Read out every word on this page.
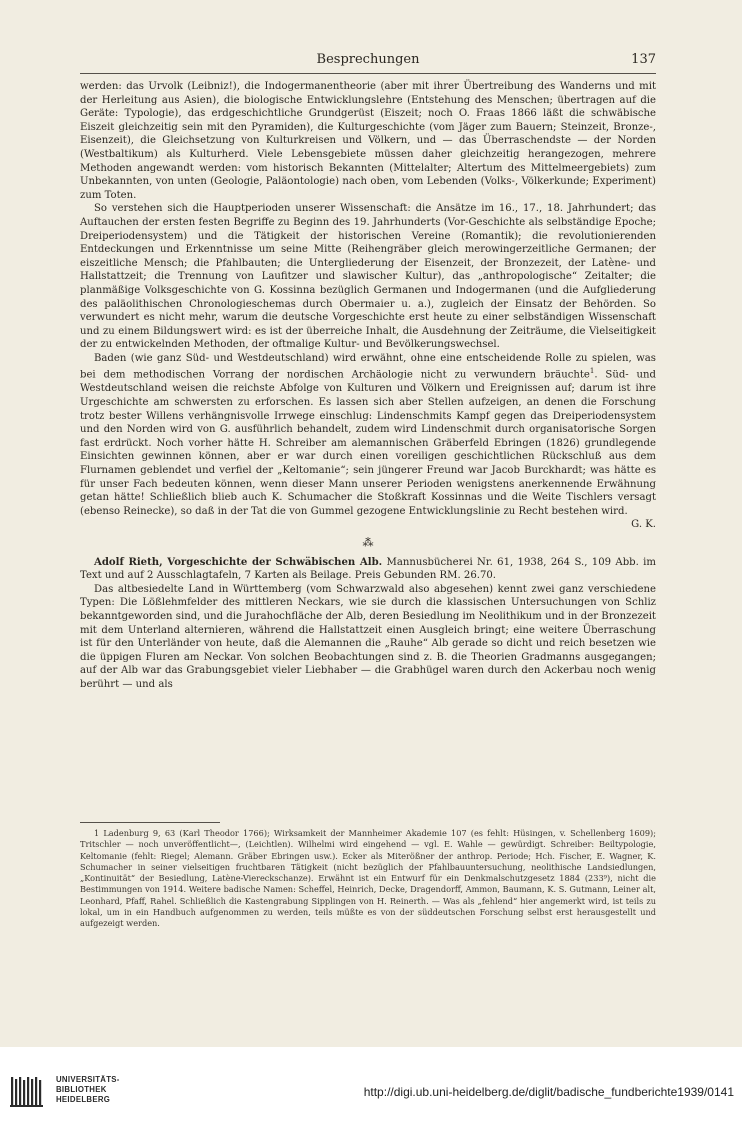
Besprechungen	137

werden: das Urvolk (Leibniz!), die Indogermanentheorie (aber mit ihrer Übertreibung des Wanderns und mit der Herleitung aus Asien), die biologische Entwicklungslehre (Entstehung des Menschen; übertragen auf die Geräte: Typologie), das erdgeschichtliche Grundgerüst (Eiszeit; noch O. Fraas 1866 läßt die schwäbische Eiszeit gleichzeitig sein mit den Pyramiden), die Kulturgeschichte (vom Jäger zum Bauern; Steinzeit, Bronze-, Eisenzeit), die Gleichsetzung von Kulturkreisen und Völkern, und — das Überraschendste — der Norden (Westbaltikum) als Kulturherd. Viele Lebensgebiete müssen daher gleichzeitig herangezogen, mehrere Methoden angewandt werden: vom historisch Bekannten (Mittelalter; Altertum des Mittelmeergebiets) zum Unbekannten, von unten (Geologie, Paläontologie) nach oben, vom Lebenden (Volks-, Völkerkunde; Experiment) zum Toten.

So verstehen sich die Hauptperioden unserer Wissenschaft: die Ansätze im 16., 17., 18. Jahrhundert; das Auftauchen der ersten festen Begriffe zu Beginn des 19. Jahrhunderts (Vor-Geschichte als selbständige Epoche; Dreiperiodensystem) und die Tätigkeit der historischen Vereine (Romantik); die revolutionierenden Entdeckungen und Erkenntnisse um seine Mitte (Reihengräber gleich merowingerzeitliche Germanen; der eiszeitliche Mensch; die Pfahlbauten; die Untergliederung der Eisenzeit, der Bronzezeit, der Latène- und Hallstattzeit; die Trennung von Laufitzer und slawischer Kultur), das „anthropologische“ Zeitalter; die planmäßige Volksgeschichte von G. Kossinna bezüglich Germanen und Indogermanen (und die Aufgliederung des paläolithischen Chronologieschemas durch Obermaier u. a.), zugleich der Einsatz der Behörden. So verwundert es nicht mehr, warum die deutsche Vorgeschichte erst heute zu einer selbständigen Wissenschaft und zu einem Bildungswert wird: es ist der überreiche Inhalt, die Ausdehnung der Zeiträume, die Vielseitigkeit der zu entwickelnden Methoden, der oftmalige Kultur- und Bevölkerungswechsel.

Baden (wie ganz Süd- und Westdeutschland) wird erwähnt, ohne eine entscheidende Rolle zu spielen, was bei dem methodischen Vorrang der nordischen Archäologie nicht zu verwundern bräuchte$^1$. Süd- und Westdeutschland weisen die reichste Abfolge von Kulturen und Völkern und Ereignissen auf; darum ist ihre Urgeschichte am schwersten zu erforschen. Es lassen sich aber Stellen aufzeigen, an denen die Forschung trotz bester Willens verhängnisvolle Irrwege einschlug: Lindenschmits Kampf gegen das Dreiperiodensystem und den Norden wird von G. ausführlich behandelt, zudem wird Lindenschmit durch organisatorische Sorgen fast erdrückt. Noch vorher hätte H. Schreiber am alemannischen Gräberfeld Ebringen (1826) grundlegende Einsichten gewinnen können, aber er war durch einen voreiligen geschichtlichen Rückschluß aus dem Flurnamen geblendet und verfiel der „Keltomanie“; sein jüngerer Freund war Jacob Burckhardt; was hätte es für unser Fach bedeuten können, wenn dieser Mann unserer Perioden wenigstens anerkennende Erwähnung getan hätte! Schließlich blieb auch K. Schumacher die Stoßkraft Kossinnas und die Weite Tischlers versagt (ebenso Reinecke), so daß in der Tat die von Gummel gezogene Entwicklungslinie zu Recht bestehen wird.

G. K.
⁂

Adolf Rieth, Vorgeschichte der Schwäbischen Alb. Mannusbücherei Nr. 61, 1938, 264 S., 109 Abb. im Text und auf 2 Ausschlagtafeln, 7 Karten als Beilage. Preis Gebunden RM. 26.70.

Das altbesiedelte Land in Württemberg (vom Schwarzwald also abgesehen) kennt zwei ganz verschiedene Typen: Die Lößlehmfelder des mittleren Neckars, wie sie durch die klassischen Untersuchungen von Schliz bekanntgeworden sind, und die Jurahochfläche der Alb, deren Besiedlung im Neolithikum und in der Bronzezeit mit dem Unterland alternieren, während die Hallstattzeit einen Ausgleich bringt; eine weitere Überraschung ist für den Unterländer von heute, daß die Alemannen die „Rauhe“ Alb gerade so dicht und reich besetzen wie die üppigen Fluren am Neckar. Von solchen Beobachtungen sind z. B. die Theorien Gradmanns ausgegangen; auf der Alb war das Grabungsgebiet vieler Liebhaber — die Grabhügel waren durch den Ackerbau noch wenig berührt — und als

1 Ladenburg 9, 63 (Karl Theodor 1766); Wirksamkeit der Mannheimer Akademie 107 (es fehlt: Hüsingen, v. Schellenberg 1609); Tritschler — noch unveröffentlicht—, (Leichtlen). Wilhelmi wird eingehend — vgl. E. Wahle — gewürdigt. Schreiber: Beiltypologie, Keltomanie (fehlt: Riegel; Alemann. Gräber Ebringen usw.). Ecker als Miterößner der anthrop. Periode; Hch. Fischer, E. Wagner, K. Schumacher in seiner vielseitigen fruchtbaren Tätigkeit (nicht bezüglich der Pfahlbauuntersuchung, neolithische Landsiedlungen, „Kontinuität“ der Besiedlung, Latène-Viereckschanze). Erwähnt ist ein Entwurf für ein Denkmalschutzgesetz 1884 (233⁹), nicht die Bestimmungen von 1914. Weitere badische Namen: Scheffel, Heinrich, Decke, Dragendorff, Ammon, Baumann, K. S. Gutmann, Leiner alt, Leonhard, Pfaff, Rahel. Schließlich die Kastengrabung Sipplingen von H. Reinerth. — Was als „fehlend“ hier angemerkt wird, ist teils zu lokal, um in ein Handbuch aufgenommen zu werden, teils müßte es von der süddeutschen Forschung selbst erst herausgestellt und aufgezeigt werden.

UNIVERSITÄTS-
BIBLIOTHEK
HEIDELBERG
http://digi.ub.uni-heidelberg.de/diglit/badische_fundberichte1939/0141
